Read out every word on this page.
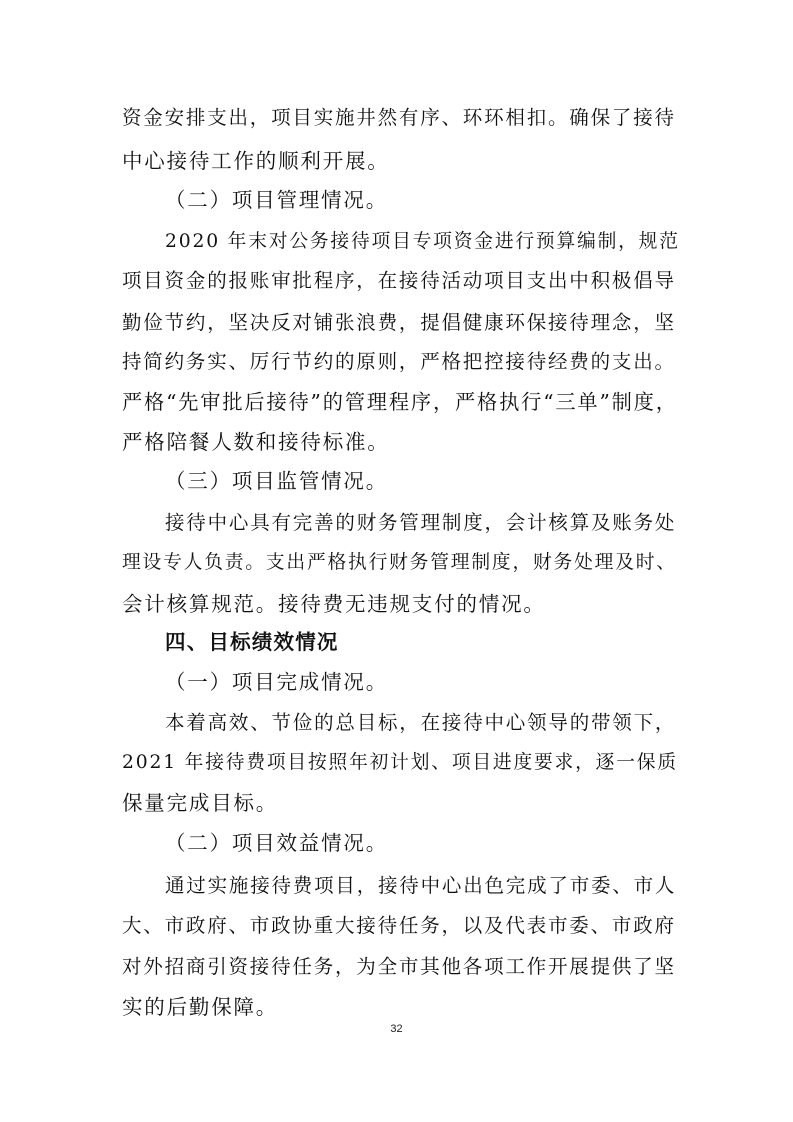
资金安排支出，项目实施井然有序、环环相扣。确保了接待
中心接待工作的顺利开展。
（二）项目管理情况。
2020 年末对公务接待项目专项资金进行预算编制，规范
项目资金的报账审批程序，在接待活动项目支出中积极倡导
勤俭节约，坚决反对铺张浪费，提倡健康环保接待理念，坚
持简约务实、厉行节约的原则，严格把控接待经费的支出。
严格“先审批后接待”的管理程序，严格执行“三单”制度，
严格陪餐人数和接待标准。
（三）项目监管情况。
接待中心具有完善的财务管理制度，会计核算及账务处
理设专人负责。支出严格执行财务管理制度，财务处理及时、
会计核算规范。接待费无违规支付的情况。
四、目标绩效情况
（一）项目完成情况。
本着高效、节俭的总目标，在接待中心领导的带领下，
2021 年接待费项目按照年初计划、项目进度要求，逐一保质
保量完成目标。
（二）项目效益情况。
通过实施接待费项目，接待中心出色完成了市委、市人
大、市政府、市政协重大接待任务，以及代表市委、市政府
对外招商引资接待任务，为全市其他各项工作开展提供了坚
实的后勤保障。
32
